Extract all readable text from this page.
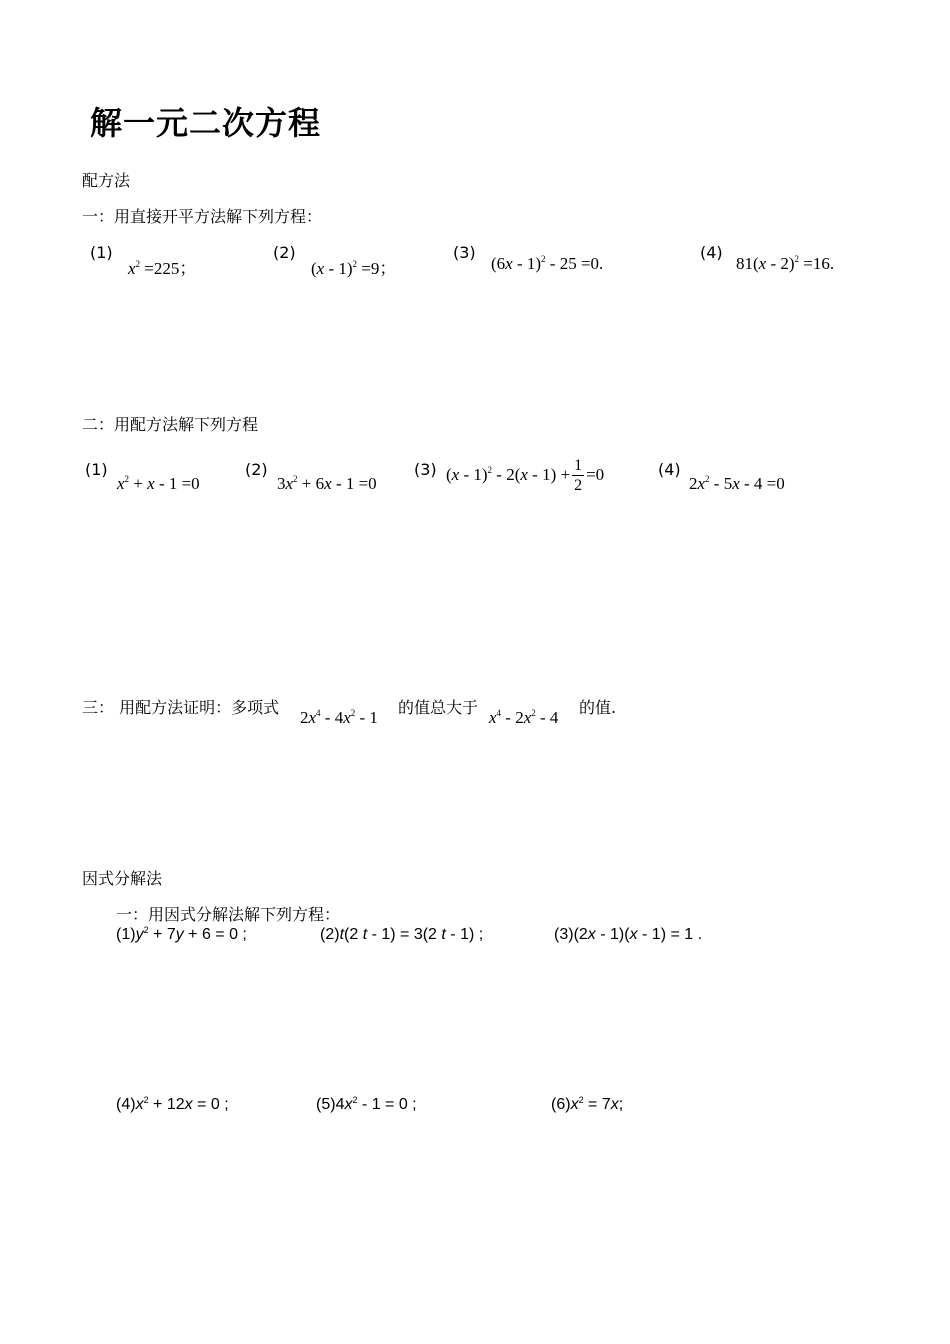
解一元二次方程
配方法
一：用直接开平方法解下列方程：
(1)
$x^2 =225$；
(2)
(x - 1)$^2$ =9；
(3)
(6x - 1)$^2$ - 25 =0.
(4)
81(x - 2)$^2$ =16.
二：用配方法解下列方程
(1)
$x^2 + x - 1 =0$
(2)
$3x^2 + 6x - 1 =0$
(3) $(x - 1)^2 - 2(x - 1) + \frac{1}{2} =0$	(4)
$2x^2 - 5x - 4 =0$
三： 用配方法证明：多项式
$2x^4 - 4x^2 - 1$
的值总大于
$x^4 - 2x^2 - 4$
的值.
因式分解法
一：用因式分解法解下列方程：
$(1)y^2 + 7y + 6 = 0$ ;	(2)t(2 t - 1) = 3(2 t - 1) ;	(3)(2x - 1)(x - 1) = 1 .
$(4)x^2 + 12x = 0$ ;	$(5)4x^2 - 1 = 0$ ;	$(6)x^2 = 7x$;
